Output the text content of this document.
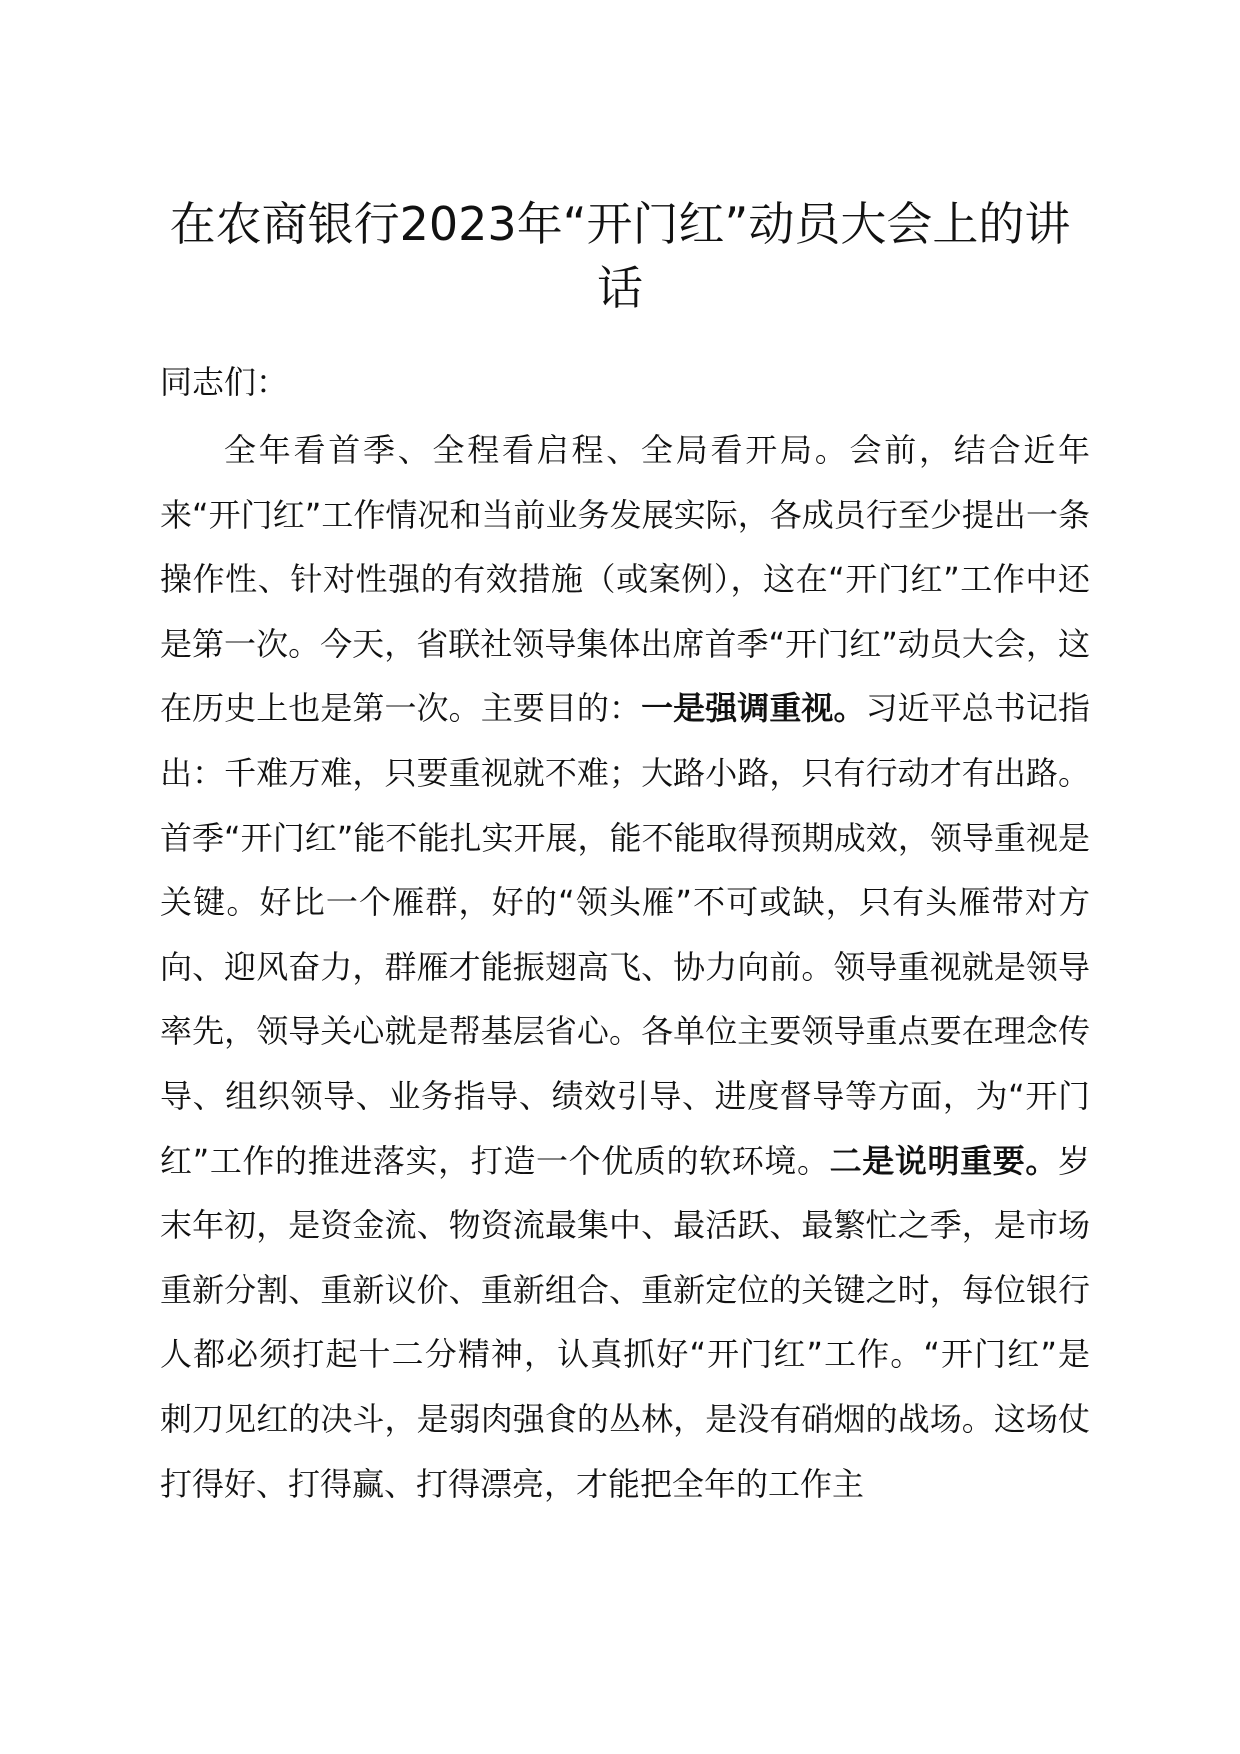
在农商银行2023年“开门红”动员大会上的讲话

同志们：

全年看首季、全程看启程、全局看开局。会前，结合近年来“开门红”工作情况和当前业务发展实际，各成员行至少提出一条操作性、针对性强的有效措施（或案例），这在“开门红”工作中还是第一次。今天，省联社领导集体出席首季“开门红”动员大会，这在历史上也是第一次。主要目的：一是强调重视。习近平总书记指出：千难万难，只要重视就不难；大路小路，只有行动才有出路。首季“开门红”能不能扎实开展，能不能取得预期成效，领导重视是关键。好比一个雁群，好的“领头雁”不可或缺，只有头雁带对方向、迎风奋力，群雁才能振翅高飞、协力向前。领导重视就是领导率先，领导关心就是帮基层省心。各单位主要领导重点要在理念传导、组织领导、业务指导、绩效引导、进度督导等方面，为“开门红”工作的推进落实，打造一个优质的软环境。二是说明重要。岁末年初，是资金流、物资流最集中、最活跃、最繁忙之季，是市场重新分割、重新议价、重新组合、重新定位的关键之时，每位银行人都必须打起十二分精神，认真抓好“开门红”工作。“开门红”是刺刀见红的决斗，是弱肉强食的丛林，是没有硝烟的战场。这场仗打得好、打得赢、打得漂亮，才能把全年的工作主
